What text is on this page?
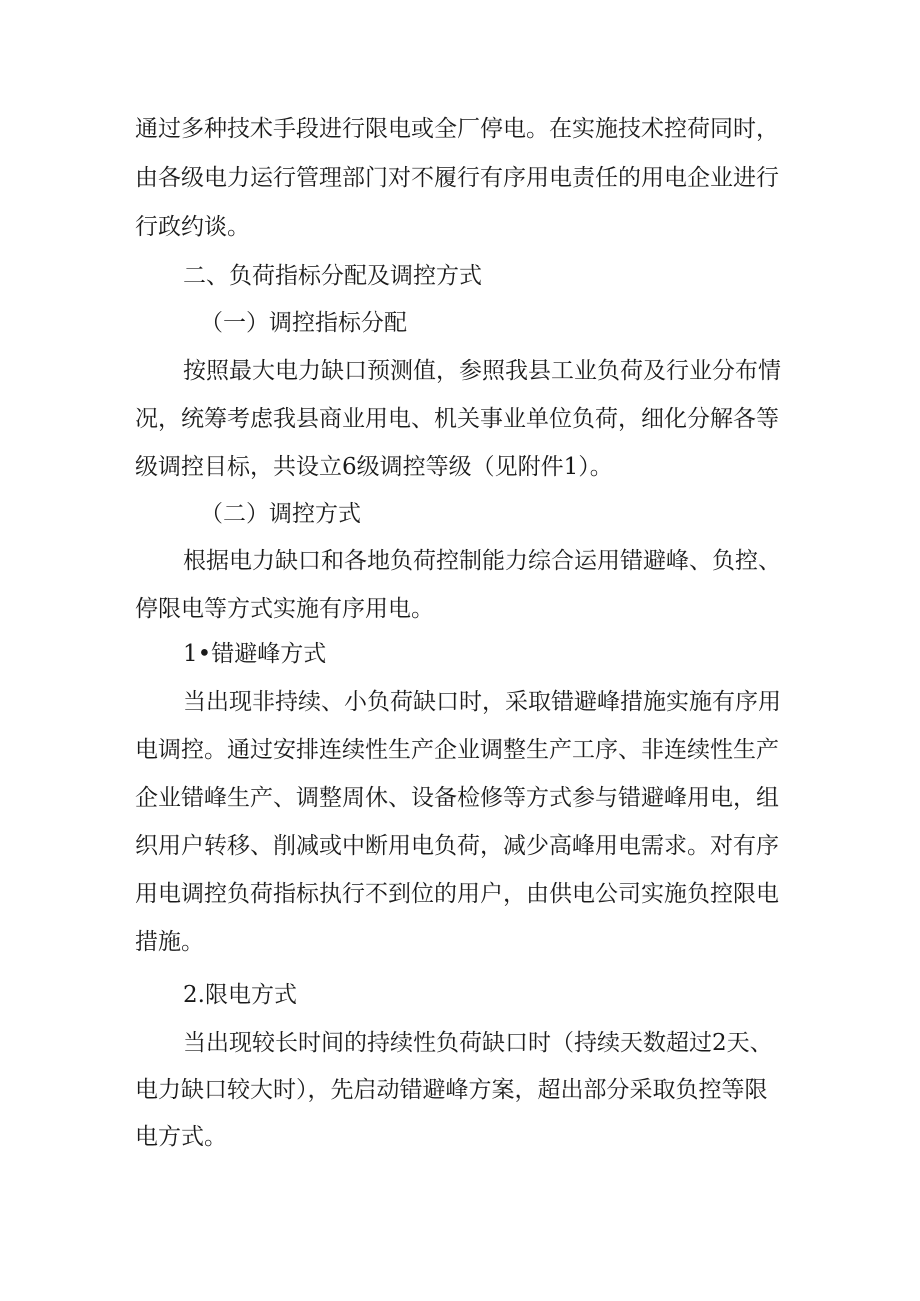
通过多种技术手段进行限电或全厂停电。在实施技术控荷同时，
由各级电力运行管理部门对不履行有序用电责任的用电企业进行
行政约谈。
二、负荷指标分配及调控方式
（一）调控指标分配
按照最大电力缺口预测值，参照我县工业负荷及行业分布情
况，统筹考虑我县商业用电、机关事业单位负荷，细化分解各等
级调控目标，共设立6级调控等级（见附件1）。
（二）调控方式
根据电力缺口和各地负荷控制能力综合运用错避峰、负控、
停限电等方式实施有序用电。
1•错避峰方式
当出现非持续、小负荷缺口时，采取错避峰措施实施有序用
电调控。通过安排连续性生产企业调整生产工序、非连续性生产
企业错峰生产、调整周休、设备检修等方式参与错避峰用电，组
织用户转移、削减或中断用电负荷，减少高峰用电需求。对有序
用电调控负荷指标执行不到位的用户，由供电公司实施负控限电
措施。
2.限电方式
当出现较长时间的持续性负荷缺口时（持续天数超过2天、
电力缺口较大时），先启动错避峰方案，超出部分采取负控等限
电方式。
